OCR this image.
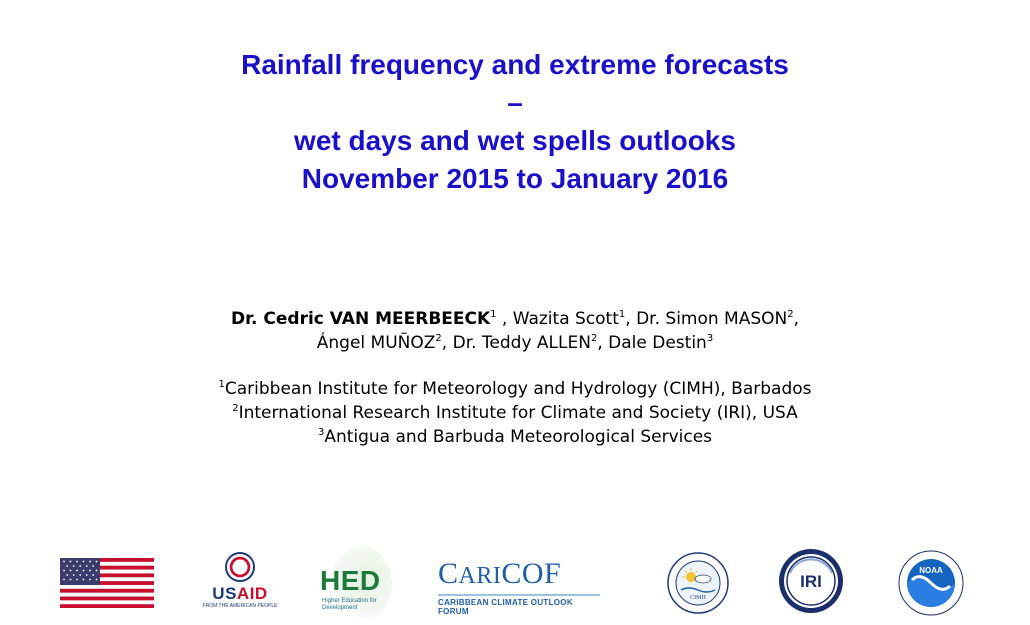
Rainfall frequency and extreme forecasts
–
wet days and wet spells outlooks
November 2015 to January 2016
Dr. Cedric VAN MEERBEECK$^1$ , Wazita Scott$^1$, Dr. Simon MASON$^2$,
Ángel MUÑOZ$^2$, Dr. Teddy ALLEN$^2$, Dale Destin$^3$
$^1$Caribbean Institute for Meteorology and Hydrology (CIMH), Barbados
$^2$International Research Institute for Climate and Society (IRI), USA
$^3$Antigua and Barbuda Meteorological Services
USAID
FROM THE AMERICAN PEOPLE
HED
Higher Education for Development
CARICOF
CARIBBEAN CLIMATE OUTLOOK FORUM
CIMH
IRI
NOAA
